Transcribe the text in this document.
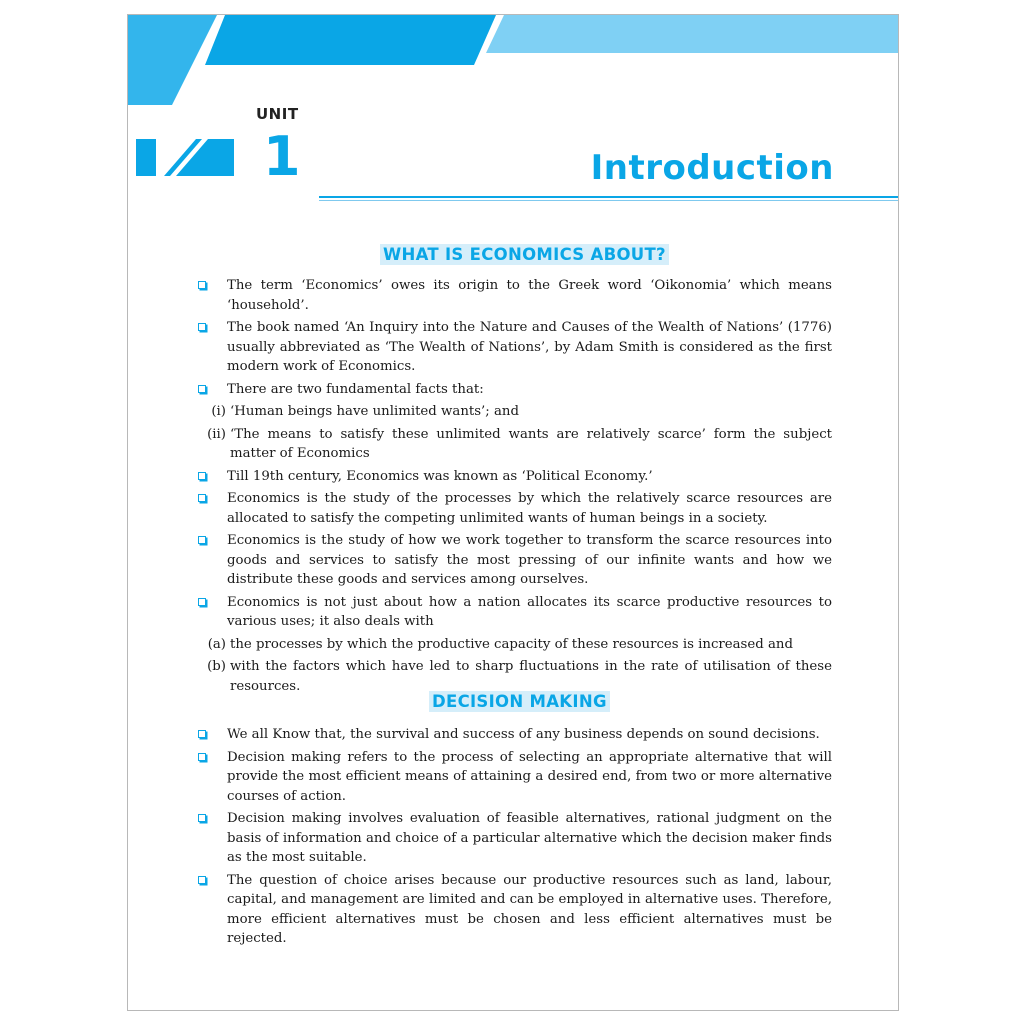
UNIT
1	Introduction
WHAT IS ECONOMICS ABOUT?
The term ‘Economics’ owes its origin to the Greek word ‘Oikonomia’ which means ‘household’.
The book named ‘An Inquiry into the Nature and Causes of the Wealth of Nations’ (1776) usually abbreviated as ‘The Wealth of Nations’, by Adam Smith is considered as the first modern work of Economics.
There are two fundamental facts that:
(i) ‘Human beings have unlimited wants’; and
(ii) ‘The means to satisfy these unlimited wants are relatively scarce’ form the subject matter of Economics
Till 19th century, Economics was known as ‘Political Economy.’
Economics is the study of the processes by which the relatively scarce resources are allocated to satisfy the competing unlimited wants of human beings in a society.
Economics is the study of how we work together to transform the scarce resources into goods and services to satisfy the most pressing of our infinite wants and how we distribute these goods and services among ourselves.
Economics is not just about how a nation allocates its scarce productive resources to various uses; it also deals with
(a) the processes by which the productive capacity of these resources is increased and
(b) with the factors which have led to sharp fluctuations in the rate of utilisation of these resources.
DECISION MAKING
We all Know that, the survival and success of any business depends on sound decisions.
Decision making refers to the process of selecting an appropriate alternative that will provide the most efficient means of attaining a desired end, from two or more alternative courses of action.
Decision making involves evaluation of feasible alternatives, rational judgment on the basis of information and choice of a particular alternative which the decision maker finds as the most suitable.
The question of choice arises because our productive resources such as land, labour, capital, and management are limited and can be employed in alternative uses. Therefore, more efficient alternatives must be chosen and less efficient alternatives must be rejected.
